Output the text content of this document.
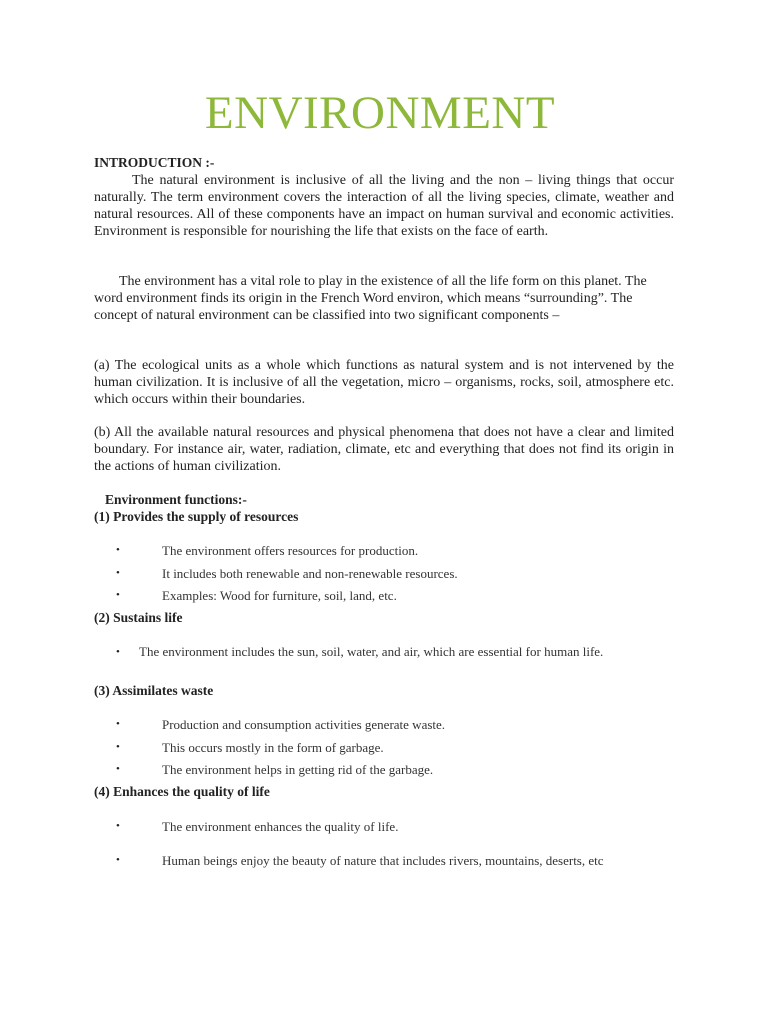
ENVIRONMENT
INTRODUCTION :-
The natural environment is inclusive of all the living and the non – living things that occur naturally. The term environment covers the interaction of all the living species, climate, weather and natural resources. All of these components have an impact on human survival and economic activities. Environment is responsible for nourishing the life that exists on the face of earth.
The environment has a vital role to play in the existence of all the life form on this planet. The word environment finds its origin in the French Word environ, which means “surrounding”. The concept of natural environment can be classified into two significant components –
(a) The ecological units as a whole which functions as natural system and is not intervened by the human civilization. It is inclusive of all the vegetation, micro – organisms, rocks, soil, atmosphere etc. which occurs within their boundaries.
(b) All the available natural resources and physical phenomena that does not have a clear and limited boundary. For instance air, water, radiation, climate, etc and everything that does not find its origin in the actions of human civilization.
Environment functions:-
(1) Provides the supply of resources
•	The environment offers resources for production.
•	It includes both renewable and non-renewable resources.
•	Examples: Wood for furniture, soil, land, etc.
(2) Sustains life
• The environment includes the sun, soil, water, and air, which are essential for human life.
(3) Assimilates waste
•	Production and consumption activities generate waste.
•	This occurs mostly in the form of garbage.
•	The environment helps in getting rid of the garbage.
(4) Enhances the quality of life
•	The environment enhances the quality of life.
•	Human beings enjoy the beauty of nature that includes rivers, mountains, deserts, etc
